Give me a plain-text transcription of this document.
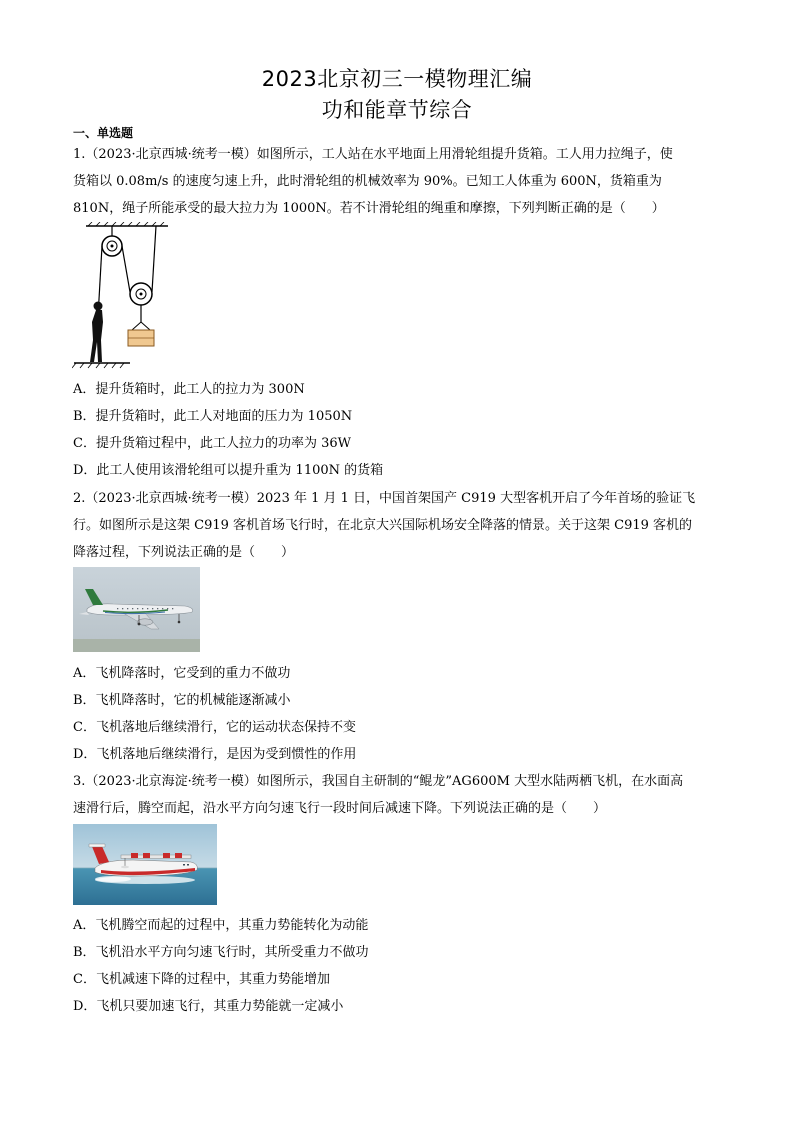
2023北京初三一模物理汇编
功和能章节综合
一、单选题
1.（2023·北京西城·统考一模）如图所示，工人站在水平地面上用滑轮组提升货箱。工人用力拉绳子，使
货箱以 0.08m/s 的速度匀速上升，此时滑轮组的机械效率为 90%。已知工人体重为 600N，货箱重为
810N，绳子所能承受的最大拉力为 1000N。若不计滑轮组的绳重和摩擦，下列判断正确的是（　　）
A．提升货箱时，此工人的拉力为 300N
B．提升货箱时，此工人对地面的压力为 1050N
C．提升货箱过程中，此工人拉力的功率为 36W
D．此工人使用该滑轮组可以提升重为 1100N 的货箱
2.（2023·北京西城·统考一模）2023 年 1 月 1 日，中国首架国产 C919 大型客机开启了今年首场的验证飞
行。如图所示是这架 C919 客机首场飞行时，在北京大兴国际机场安全降落的情景。关于这架 C919 客机的
降落过程，下列说法正确的是（　　）
A．飞机降落时，它受到的重力不做功
B．飞机降落时，它的机械能逐渐减小
C．飞机落地后继续滑行，它的运动状态保持不变
D．飞机落地后继续滑行，是因为受到惯性的作用
3.（2023·北京海淀·统考一模）如图所示，我国自主研制的“鲲龙”AG600M 大型水陆两栖飞机，在水面高
速滑行后，腾空而起，沿水平方向匀速飞行一段时间后减速下降。下列说法正确的是（　　）
A．飞机腾空而起的过程中，其重力势能转化为动能
B．飞机沿水平方向匀速飞行时，其所受重力不做功
C．飞机减速下降的过程中，其重力势能增加
D．飞机只要加速飞行，其重力势能就一定减小
